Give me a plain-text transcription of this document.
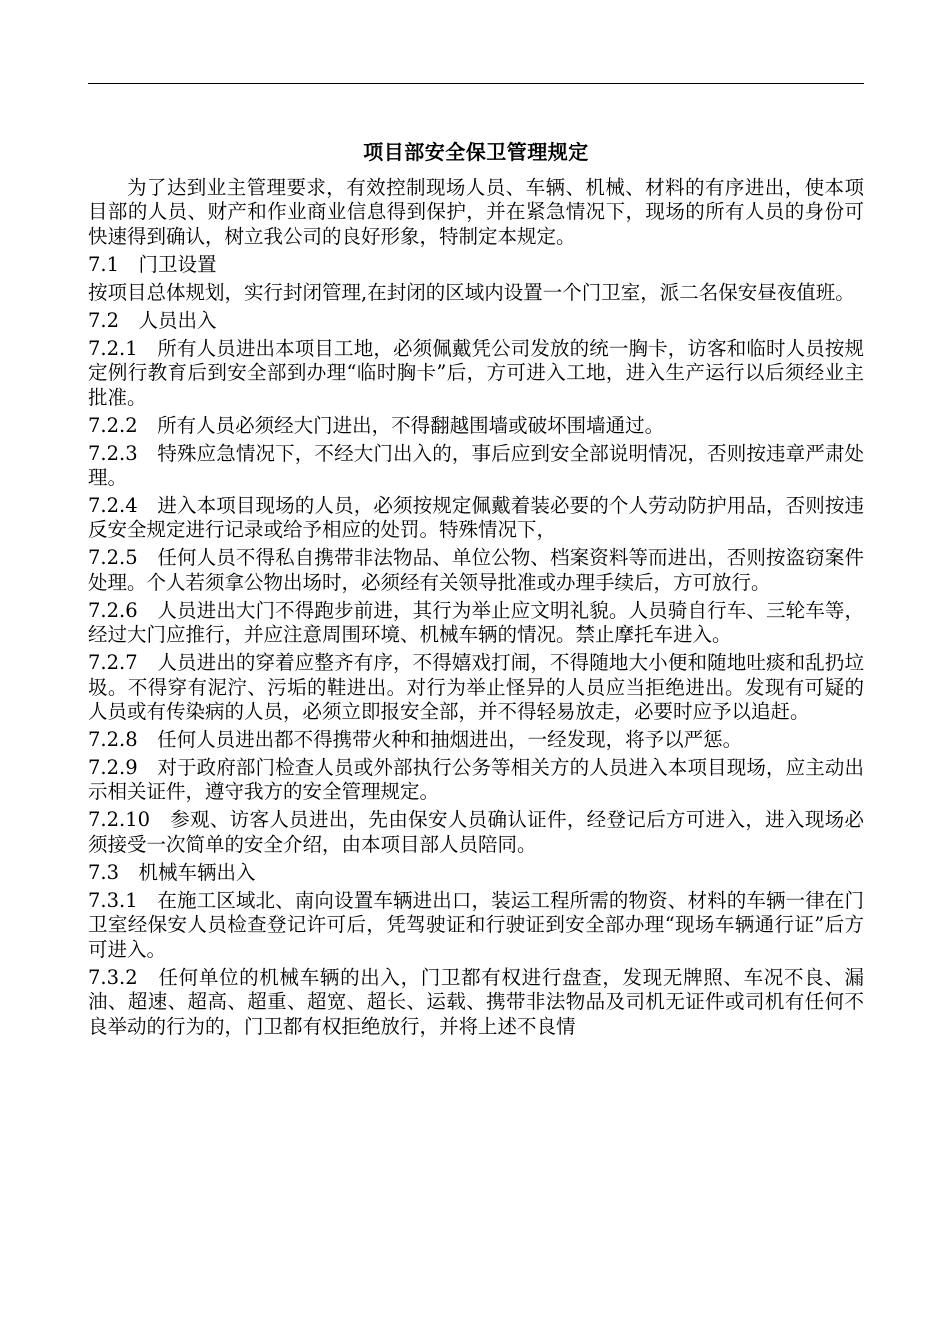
项目部安全保卫管理规定

为了达到业主管理要求，有效控制现场人员、车辆、机械、材料的有序进出，使本项目部的人员、财产和作业商业信息得到保护，并在紧急情况下，现场的所有人员的身份可快速得到确认，树立我公司的良好形象，特制定本规定。

7.1　门卫设置

按项目总体规划，实行封闭管理,在封闭的区域内设置一个门卫室，派二名保安昼夜值班。

7.2　人员出入

7.2.1　所有人员进出本项目工地，必须佩戴凭公司发放的统一胸卡，访客和临时人员按规定例行教育后到安全部到办理“临时胸卡”后，方可进入工地，进入生产运行以后须经业主批准。

7.2.2　所有人员必须经大门进出，不得翻越围墙或破坏围墙通过。

7.2.3　特殊应急情况下，不经大门出入的，事后应到安全部说明情况，否则按违章严肃处理。

7.2.4　进入本项目现场的人员，必须按规定佩戴着装必要的个人劳动防护用品，否则按违反安全规定进行记录或给予相应的处罚。特殊情况下，

7.2.5　任何人员不得私自携带非法物品、单位公物、档案资料等而进出，否则按盗窃案件处理。个人若须拿公物出场时，必须经有关领导批准或办理手续后，方可放行。

7.2.6　人员进出大门不得跑步前进，其行为举止应文明礼貌。人员骑自行车、三轮车等，经过大门应推行，并应注意周围环境、机械车辆的情况。禁止摩托车进入。

7.2.7　人员进出的穿着应整齐有序，不得嬉戏打闹，不得随地大小便和随地吐痰和乱扔垃圾。不得穿有泥泞、污垢的鞋进出。对行为举止怪异的人员应当拒绝进出。发现有可疑的人员或有传染病的人员，必须立即报安全部，并不得轻易放走，必要时应予以追赶。

7.2.8　任何人员进出都不得携带火种和抽烟进出，一经发现，将予以严惩。

7.2.9　对于政府部门检查人员或外部执行公务等相关方的人员进入本项目现场，应主动出示相关证件，遵守我方的安全管理规定。

7.2.10　参观、访客人员进出，先由保安人员确认证件，经登记后方可进入，进入现场必须接受一次简单的安全介绍，由本项目部人员陪同。

7.3　机械车辆出入

7.3.1　在施工区域北、南向设置车辆进出口，装运工程所需的物资、材料的车辆一律在门卫室经保安人员检查登记许可后，凭驾驶证和行驶证到安全部办理“现场车辆通行证”后方可进入。

7.3.2　任何单位的机械车辆的出入，门卫都有权进行盘查，发现无牌照、车况不良、漏油、超速、超高、超重、超宽、超长、运载、携带非法物品及司机无证件或司机有任何不良举动的行为的，门卫都有权拒绝放行，并将上述不良情
